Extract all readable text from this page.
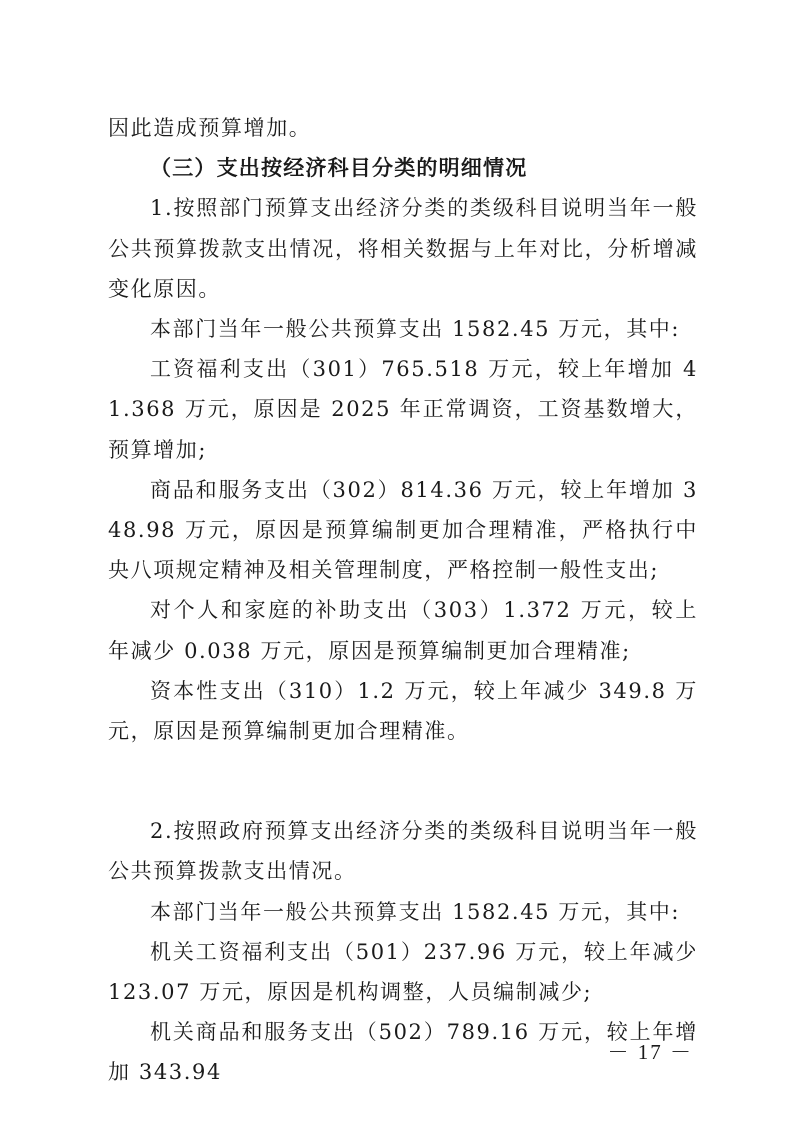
因此造成预算增加。

（三）支出按经济科目分类的明细情况

1.按照部门预算支出经济分类的类级科目说明当年一般公共预算拨款支出情况，将相关数据与上年对比，分析增减变化原因。

本部门当年一般公共预算支出 1582.45 万元，其中:

工资福利支出（301）765.518 万元，较上年增加 41.368 万元，原因是 2025 年正常调资，工资基数增大，预算增加;

商品和服务支出（302）814.36 万元，较上年增加 348.98 万元，原因是预算编制更加合理精准，严格执行中央八项规定精神及相关管理制度，严格控制一般性支出;

对个人和家庭的补助支出（303）1.372 万元，较上年减少 0.038 万元，原因是预算编制更加合理精准;

资本性支出（310）1.2 万元，较上年减少 349.8 万元，原因是预算编制更加合理精准。

2.按照政府预算支出经济分类的类级科目说明当年一般公共预算拨款支出情况。

本部门当年一般公共预算支出 1582.45 万元，其中:

机关工资福利支出（501）237.96 万元，较上年减少 123.07 万元，原因是机构调整，人员编制减少;

机关商品和服务支出（502）789.16 万元，较上年增加 343.94

－ 17 －
